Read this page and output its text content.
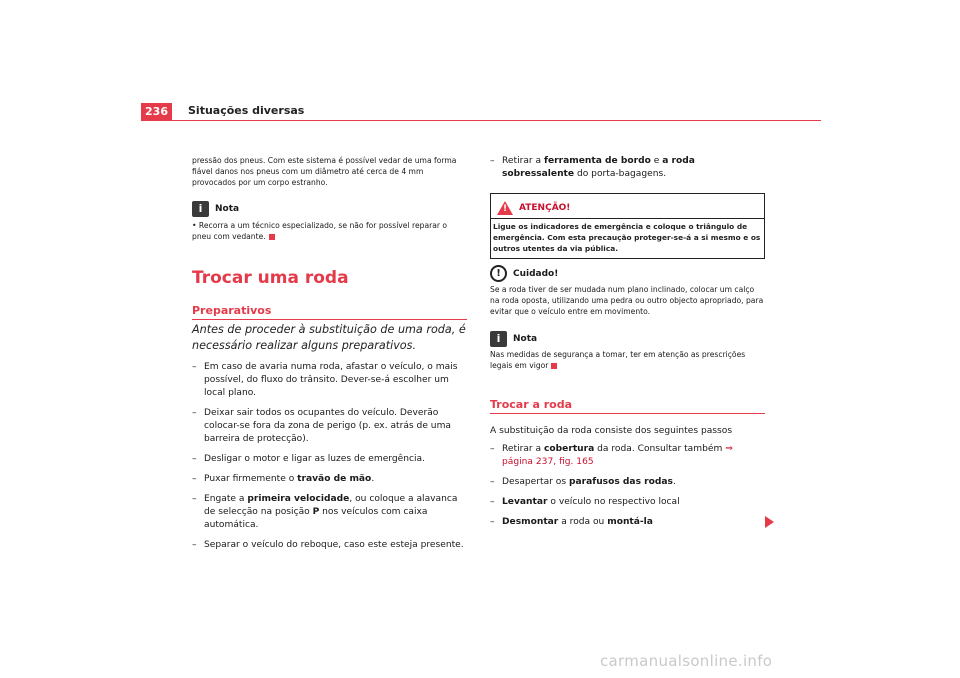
236	Situações diversas

pressão dos pneus. Com este sistema é possível vedar de uma forma fiável danos nos pneus com um diâmetro até cerca de 4 mm provocados por um corpo estranho.

i	Nota

• Recorra a um técnico especializado, se não for possível reparar o pneu com vedante.

Trocar uma roda
Preparativos

Antes de proceder à substituição de uma roda, é necessário realizar alguns preparativos.

– Em caso de avaria numa roda, afastar o veículo, o mais possível, do fluxo do trânsito. Dever-se-á escolher um local plano.
– Deixar sair todos os ocupantes do veículo. Deverão colocar-se fora da zona de perigo (p. ex. atrás de uma barreira de protecção).
– Desligar o motor e ligar as luzes de emergência.
– Puxar firmemente o travão de mão.
– Engate a primeira velocidade, ou coloque a alavanca de selecção na posição P nos veículos com caixa automática.
– Separar o veículo do reboque, caso este esteja presente.
– Retirar a ferramenta de bordo e a roda sobressalente do porta-bagagens.
! ATENÇÃO!
Ligue os indicadores de emergência e coloque o triângulo de emergência. Com esta precaução proteger-se-á a si mesmo e os outros utentes da via pública.
!	Cuidado!

Se a roda tiver de ser mudada num plano inclinado, colocar um calço na roda oposta, utilizando uma pedra ou outro objecto apropriado, para evitar que o veículo entre em movimento.

i	Nota

Nas medidas de segurança a tomar, ter em atenção as prescrições legais em vigor

Trocar a roda

A substituição da roda consiste dos seguintes passos

– Retirar a cobertura da roda. Consultar também ⇒ página 237, fig. 165
– Desapertar os parafusos das rodas.
– Levantar o veículo no respectivo local
– Desmontar a roda ou montá-la
carmanualsonline.info
